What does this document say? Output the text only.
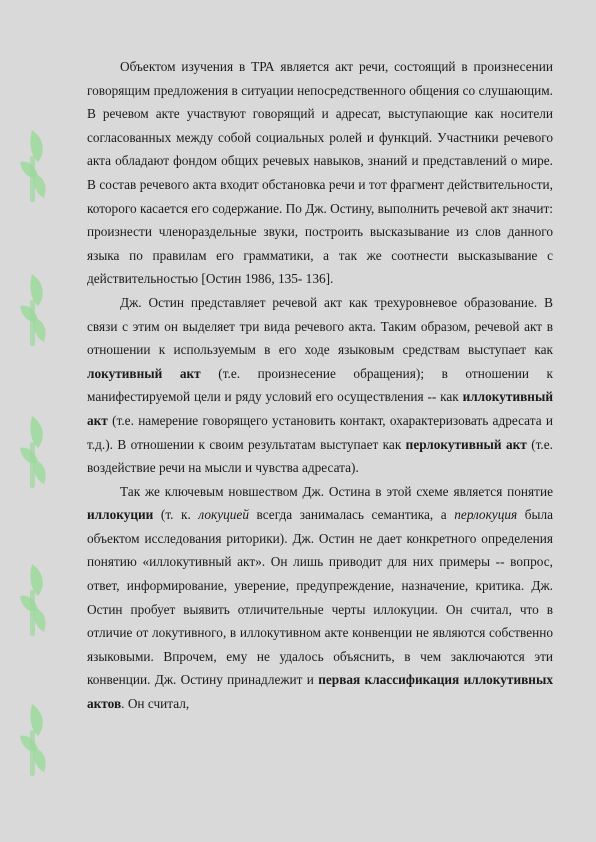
Объектом изучения в ТРА является акт речи, состоящий в произнесении говорящим предложения в ситуации непосредственного общения со слушающим. В речевом акте участвуют говорящий и адресат, выступающие как носители согласованных между собой социальных ролей и функций. Участники речевого акта обладают фондом общих речевых навыков, знаний и представлений о мире. В состав речевого акта входит обстановка речи и тот фрагмент действительности, которого касается его содержание. По Дж. Остину, выполнить речевой акт значит: произнести членораздельные звуки, построить высказывание из слов данного языка по правилам его грамматики, а так же соотнести высказывание с действительностью [Остин 1986, 135- 136].

Дж. Остин представляет речевой акт как трехуровневое образование. В связи с этим он выделяет три вида речевого акта. Таким образом, речевой акт в отношении к используемым в его ходе языковым средствам выступает как локутивный акт (т.е. произнесение обращения); в отношении к манифестируемой цели и ряду условий его осуществления -- как иллокутивный акт (т.е. намерение говорящего установить контакт, охарактеризовать адресата и т.д.). В отношении к своим результатам выступает как перлокутивный акт (т.е. воздействие речи на мысли и чувства адресата).

Так же ключевым новшеством Дж. Остина в этой схеме является понятие иллокуции (т. к. локуцией всегда занималась семантика, а перлокуция была объектом исследования риторики). Дж. Остин не дает конкретного определения понятию «иллокутивный акт». Он лишь приводит для них примеры -- вопрос, ответ, информирование, уверение, предупреждение, назначение, критика. Дж. Остин пробует выявить отличительные черты иллокуции. Он считал, что в отличие от локутивного, в иллокутивном акте конвенции не являются собственно языковыми. Впрочем, ему не удалось объяснить, в чем заключаются эти конвенции. Дж. Остину принадлежит и первая классификация иллокутивных актов. Он считал,
